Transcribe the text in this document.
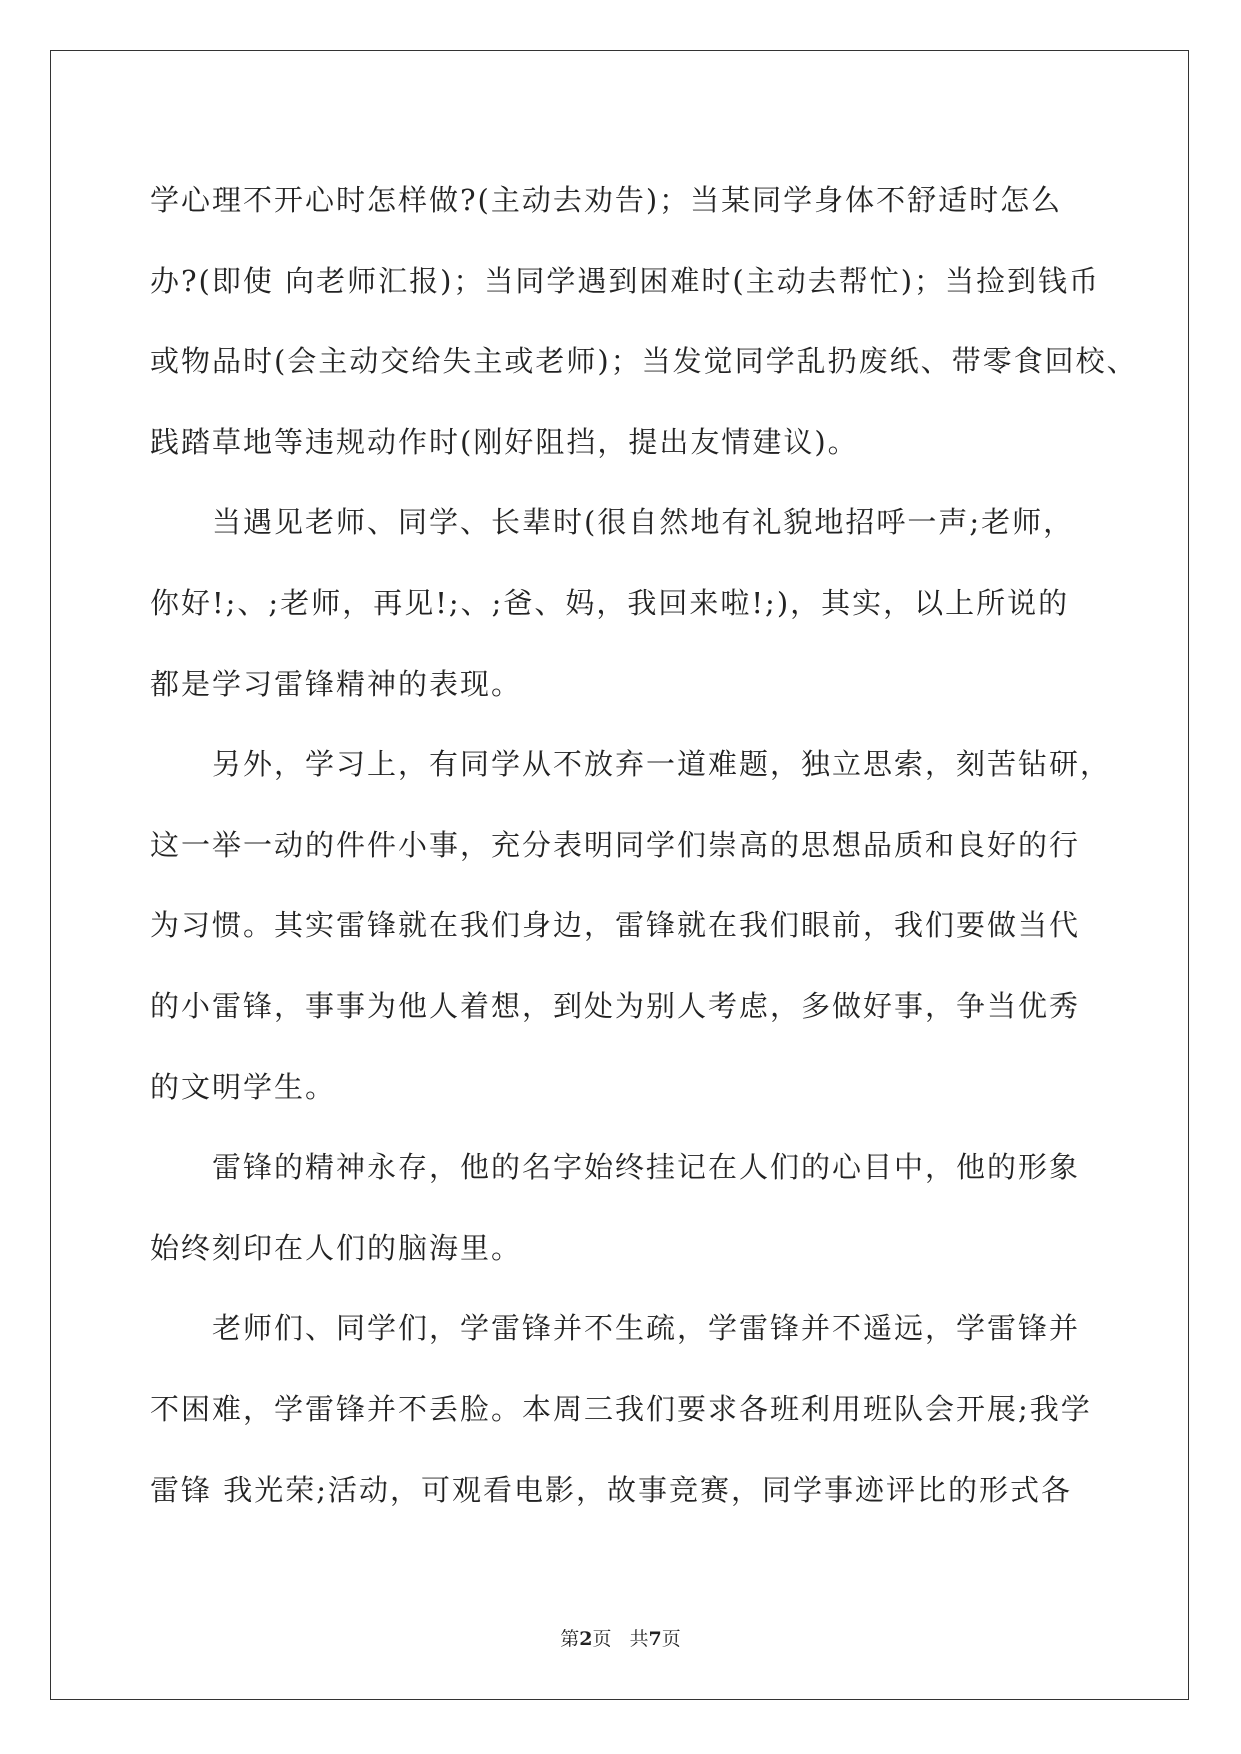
学心理不开心时怎样做?(主动去劝告)；当某同学身体不舒适时怎么
办?(即使 向老师汇报)；当同学遇到困难时(主动去帮忙)；当捡到钱币
或物品时(会主动交给失主或老师)；当发觉同学乱扔废纸、带零食回校、
践踏草地等违规动作时(刚好阻挡，提出友情建议)。
当遇见老师、同学、长辈时(很自然地有礼貌地招呼一声;老师，
你好!;、;老师，再见!;、;爸、妈，我回来啦!;)，其实，以上所说的
都是学习雷锋精神的表现。
另外，学习上，有同学从不放弃一道难题，独立思索，刻苦钻研，
这一举一动的件件小事，充分表明同学们崇高的思想品质和良好的行
为习惯。其实雷锋就在我们身边，雷锋就在我们眼前，我们要做当代
的小雷锋，事事为他人着想，到处为别人考虑，多做好事，争当优秀
的文明学生。
雷锋的精神永存，他的名字始终挂记在人们的心目中，他的形象
始终刻印在人们的脑海里。
老师们、同学们，学雷锋并不生疏，学雷锋并不遥远，学雷锋并
不困难，学雷锋并不丢脸。本周三我们要求各班利用班队会开展;我学
雷锋 我光荣;活动，可观看电影，故事竞赛，同学事迹评比的形式各
第2页 共7页
